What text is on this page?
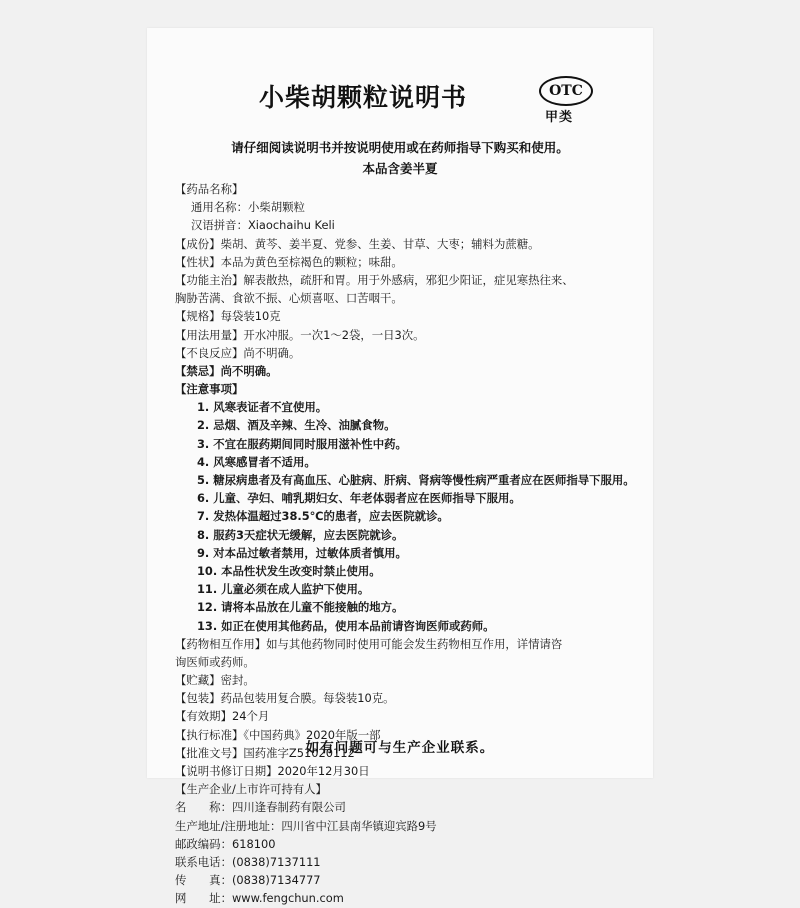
小柴胡颗粒说明书	OTC
甲类
请仔细阅读说明书并按说明使用或在药师指导下购买和使用。
本品含姜半夏
【药品名称】
通用名称：小柴胡颗粒
汉语拼音：Xiaochaihu Keli
【成份】柴胡、黄芩、姜半夏、党参、生姜、甘草、大枣；辅料为蔗糖。
【性状】本品为黄色至棕褐色的颗粒；味甜。
【功能主治】解表散热，疏肝和胃。用于外感病，邪犯少阳证，症见寒热往来、
胸胁苦满、食欲不振、心烦喜呕、口苦咽干。
【规格】每袋装10克
【用法用量】开水冲服。一次1～2袋，一日3次。
【不良反应】尚不明确。
【禁忌】尚不明确。
【注意事项】
1. 风寒表证者不宜使用。
2. 忌烟、酒及辛辣、生冷、油腻食物。
3. 不宜在服药期间同时服用滋补性中药。
4. 风寒感冒者不适用。
5. 糖尿病患者及有高血压、心脏病、肝病、肾病等慢性病严重者应在医师指导下服用。
6. 儿童、孕妇、哺乳期妇女、年老体弱者应在医师指导下服用。
7. 发热体温超过38.5℃的患者，应去医院就诊。
8. 服药3天症状无缓解，应去医院就诊。
9. 对本品过敏者禁用，过敏体质者慎用。
10. 本品性状发生改变时禁止使用。
11. 儿童必须在成人监护下使用。
12. 请将本品放在儿童不能接触的地方。
13. 如正在使用其他药品，使用本品前请咨询医师或药师。
【药物相互作用】如与其他药物同时使用可能会发生药物相互作用，详情请咨
询医师或药师。
【贮藏】密封。
【包装】药品包装用复合膜。每袋装10克。
【有效期】24个月
【执行标准】《中国药典》2020年版一部
【批准文号】国药准字Z51020112
【说明书修订日期】2020年12月30日
【生产企业/上市许可持有人】
名　　称：四川逢春制药有限公司
生产地址/注册地址：四川省中江县南华镇迎宾路9号
邮政编码：618100
联系电话：(0838)7137111
传　　真：(0838)7134777
网　　址：www.fengchun.com
如有问题可与生产企业联系。
